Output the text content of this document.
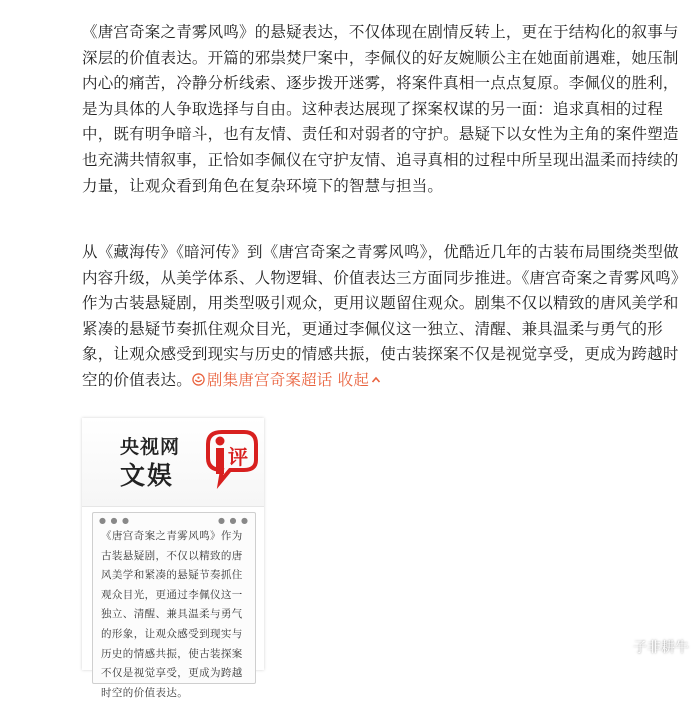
《唐宫奇案之青雾风鸣》的悬疑表达，不仅体现在剧情反转上，更在于结构化的叙事与深层的价值表达。开篇的邪祟焚尸案中，李佩仪的好友婉顺公主在她面前遇难，她压制内心的痛苦，冷静分析线索、逐步拨开迷雾，将案件真相一点点复原。李佩仪的胜利，是为具体的人争取选择与自由。这种表达展现了探案权谋的另一面：追求真相的过程中，既有明争暗斗，也有友情、责任和对弱者的守护。悬疑下以女性为主角的案件塑造也充满共情叙事，正恰如李佩仪在守护友情、追寻真相的过程中所呈现出温柔而持续的力量，让观众看到角色在复杂环境下的智慧与担当。
从《藏海传》《暗河传》到《唐宫奇案之青雾风鸣》，优酷近几年的古装布局围绕类型做内容升级，从美学体系、人物逻辑、价值表达三方面同步推进。《唐宫奇案之青雾风鸣》作为古装悬疑剧，用类型吸引观众，更用议题留住观众。剧集不仅以精致的唐风美学和紧凑的悬疑节奏抓住观众目光，更通过李佩仪这一独立、清醒、兼具温柔与勇气的形象，让观众感受到现实与历史的情感共振，使古装探案不仅是视觉享受，更成为跨越时空的价值表达。 剧集唐宫奇案超话 收起
央视网
文娱
评
● ● ●	● ● ●
《唐宫奇案之青雾风鸣》作为古装悬疑剧，不仅以精致的唐风美学和紧凑的悬疑节奏抓住观众目光，更通过李佩仪这一独立、清醒、兼具温柔与勇气的形象，让观众感受到现实与历史的情感共振，使古装探案不仅是视觉享受，更成为跨越时空的价值表达。
子非耕牛
